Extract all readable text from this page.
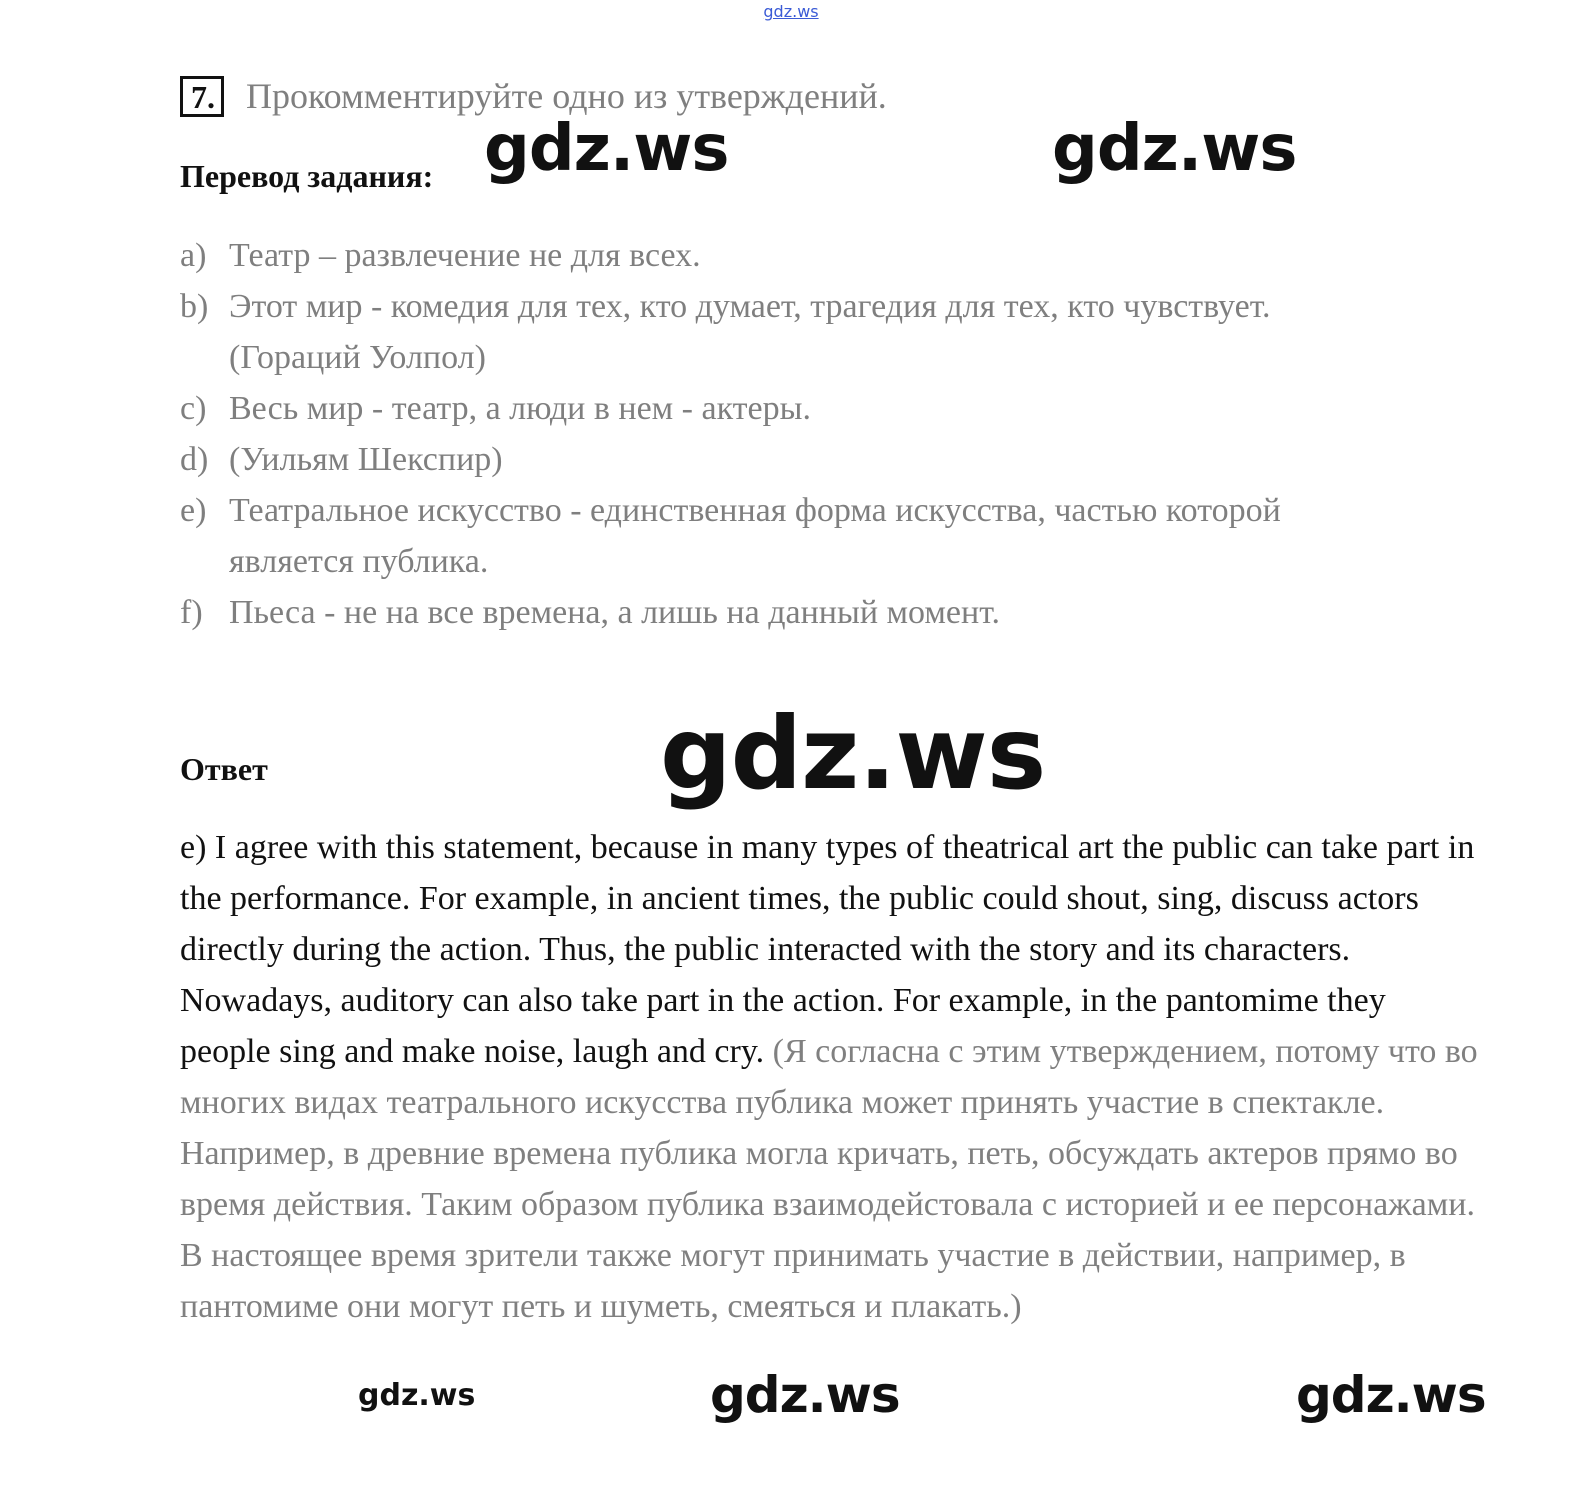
gdz.ws
7. Прокомментируйте одно из утверждений.
Перевод задания:
a) Театр – развлечение не для всех.
b) Этот мир - комедия для тех, кто думает, трагедия для тех, кто чувствует.
(Гораций Уолпол)
c) Весь мир - театр, а люди в нем - актеры.
d) (Уильям Шекспир)
e) Театральное искусство - единственная форма искусства, частью которой
является публика.
f) Пьеса - не на все времена, а лишь на данный момент.
Ответ
e) I agree with this statement, because in many types of theatrical art the public can take part in the performance. For example, in ancient times, the public could shout, sing, discuss actors directly during the action. Thus, the public interacted with the story and its characters. Nowadays, auditory can also take part in the action. For example, in the pantomime they people sing and make noise, laugh and cry. (Я согласна с этим утверждением, потому что во многих видах театрального искусства публика может принять участие в спектакле. Например, в древние времена публика могла кричать, петь, обсуждать актеров прямо во время действия. Таким образом публика взаимодейстовала с историей и ее персонажами. В настоящее время зрители также могут принимать участие в действии, например, в пантомиме они могут петь и шуметь, смеяться и плакать.)
gdz.ws	gdz.ws
gdz.ws
gdz.ws	gdz.ws	gdz.ws
